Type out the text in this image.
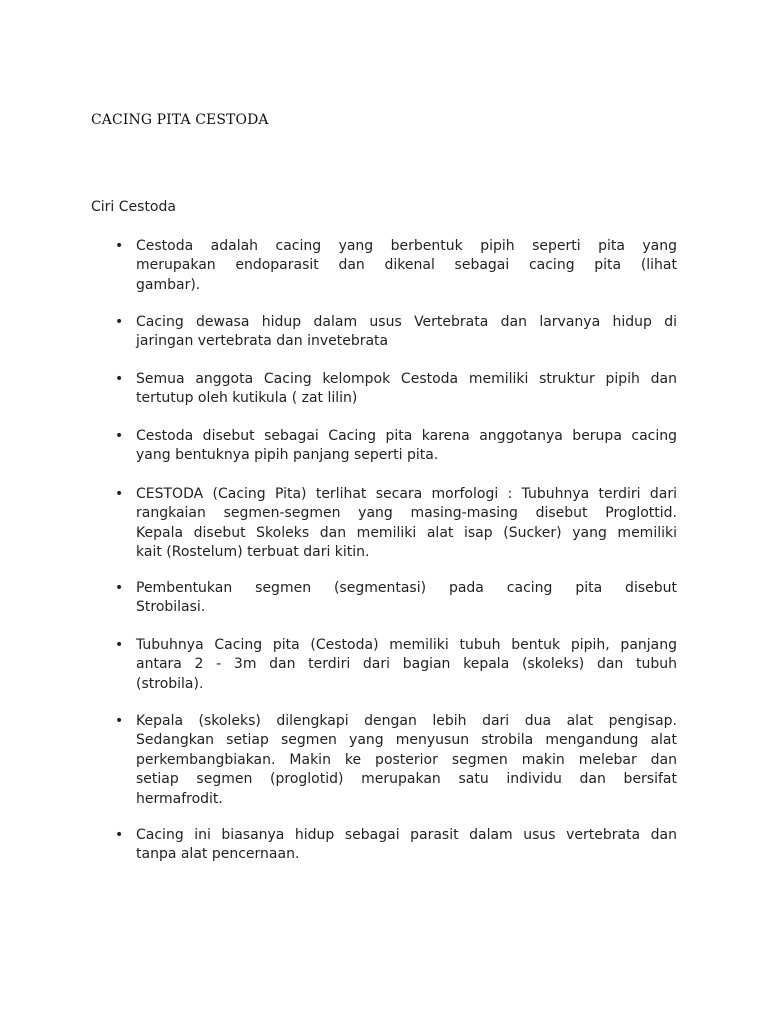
CACING PITA CESTODA

Ciri Cestoda

• Cestoda adalah cacing yang berbentuk pipih seperti pita yang
merupakan endoparasit dan dikenal sebagai cacing pita (lihat
gambar).
• Cacing dewasa hidup dalam usus Vertebrata dan larvanya hidup di
jaringan vertebrata dan invetebrata
• Semua anggota Cacing kelompok Cestoda memiliki struktur pipih dan
tertutup oleh kutikula ( zat lilin)
• Cestoda disebut sebagai Cacing pita karena anggotanya berupa cacing
yang bentuknya pipih panjang seperti pita.
• CESTODA (Cacing Pita) terlihat secara morfologi : Tubuhnya terdiri dari
rangkaian segmen-segmen yang masing-masing disebut Proglottid.
Kepala disebut Skoleks dan memiliki alat isap (Sucker) yang memiliki
kait (Rostelum) terbuat dari kitin.
• Pembentukan segmen (segmentasi) pada cacing pita disebut
Strobilasi.
• Tubuhnya Cacing pita (Cestoda) memiliki tubuh bentuk pipih, panjang
antara 2 - 3m dan terdiri dari bagian kepala (skoleks) dan tubuh
(strobila).
• Kepala (skoleks) dilengkapi dengan lebih dari dua alat pengisap.
Sedangkan setiap segmen yang menyusun strobila mengandung alat
perkembangbiakan. Makin ke posterior segmen makin melebar dan
setiap segmen (proglotid) merupakan satu individu dan bersifat
hermafrodit.
• Cacing ini biasanya hidup sebagai parasit dalam usus vertebrata dan
tanpa alat pencernaan.
